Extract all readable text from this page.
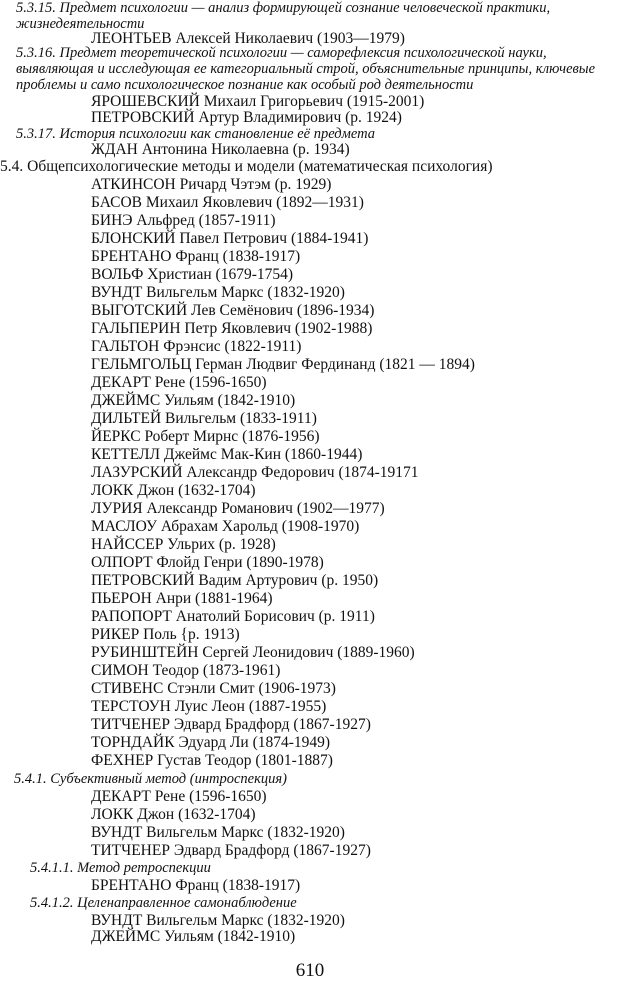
5.3.15. Предмет психологии — анализ формирующей сознание человеческой практики, жизнедеятельности
ЛЕОНТЬЕВ Алексей Николаевич (1903—1979)
5.3.16. Предмет теоретической психологии — саморефлексия психологической науки, выявляющая и исследующая ее категориальный строй, объяснительные принципы, ключевые проблемы и само психологическое познание как особый род деятельности
ЯРОШЕВСКИЙ Михаил Григорьевич (1915-2001)
ПЕТРОВСКИЙ Артур Владимирович (р. 1924)
5.3.17. История психологии как становление её предмета
ЖДАН Антонина Николаевна (р. 1934)
5.4. Общепсихологические методы и модели (математическая психология)
АТКИНСОН Ричард Чэтэм (р. 1929)
БАСОВ Михаил Яковлевич (1892—1931)
БИНЭ Альфред (1857-1911)
БЛОНСКИЙ Павел Петрович (1884-1941)
БРЕНТАНО Франц (1838-1917)
ВОЛЬФ Христиан (1679-1754)
ВУНДТ Вильгельм Маркс (1832-1920)
ВЫГОТСКИЙ Лев Семёнович (1896-1934)
ГАЛЬПЕРИН Петр Яковлевич (1902-1988)
ГАЛЬТОН Фрэнсис (1822-1911)
ГЕЛЬМГОЛЬЦ Герман Людвиг Фердинанд (1821 — 1894)
ДЕКАРТ Рене (1596-1650)
ДЖЕЙМС Уильям (1842-1910)
ДИЛЬТЕЙ Вильгельм (1833-1911)
ЙЕРКС Роберт Мирнс (1876-1956)
КЕТТЕЛЛ Джеймс Мак-Кин (1860-1944)
ЛАЗУРСКИЙ Александр Федорович (1874-19171
ЛОКК Джон (1632-1704)
ЛУРИЯ Александр Романович (1902—1977)
МАСЛОУ Абрахам Харольд (1908-1970)
НАЙССЕР Ульрих (р. 1928)
ОЛПОРТ Флойд Генри (1890-1978)
ПЕТРОВСКИЙ Вадим Артурович (р. 1950)
ПЬЕРОН Анри (1881-1964)
РАПОПОРТ Анатолий Борисович (р. 1911)
РИКЕР Поль {р. 1913)
РУБИНШТЕЙН Сергей Леонидович (1889-1960)
СИМОН Теодор (1873-1961)
СТИВЕНС Стэнли Смит (1906-1973)
ТЕРСТОУН Луис Леон (1887-1955)
ТИТЧЕНЕР Эдвард Брадфорд (1867-1927)
ТОРНДАЙК Эдуард Ли (1874-1949)
ФЕХНЕР Густав Теодор (1801-1887)
5.4.1. Субъективный метод (интроспекция)
ДЕКАРТ Рене (1596-1650)
ЛОКК Джон (1632-1704)
ВУНДТ Вильгельм Маркс (1832-1920)
ТИТЧЕНЕР Эдвард Брадфорд (1867-1927)
5.4.1.1. Метод ретроспекции
БРЕНТАНО Франц (1838-1917)
5.4.1.2. Целенаправленное самонаблюдение
ВУНДТ Вильгельм Маркс (1832-1920)
ДЖЕЙМС Уильям (1842-1910)
610
